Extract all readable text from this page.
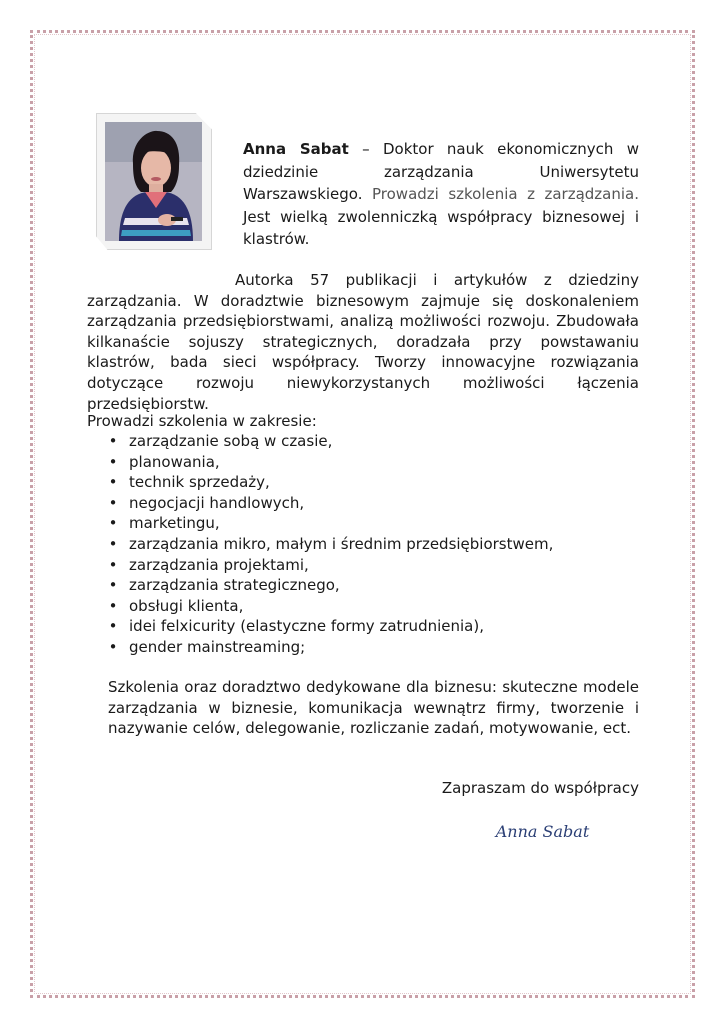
Anna Sabat – Doktor nauk ekonomicznych w dziedzinie zarządzania Uniwersytetu Warszawskiego. Prowadzi szkolenia z zarządzania. Jest wielką zwolenniczką współpracy biznesowej i klastrów.
Autorka 57 publikacji i artykułów z dziedziny zarządzania. W doradztwie biznesowym zajmuje się doskonaleniem zarządzania przedsiębiorstwami, analizą możliwości rozwoju. Zbudowała kilkanaście sojuszy strategicznych, doradzała przy powstawaniu klastrów, bada sieci współpracy. Tworzy innowacyjne rozwiązania dotyczące rozwoju niewykorzystanych możliwości łączenia przedsiębiorstw.
Prowadzi szkolenia w zakresie:
• zarządzanie sobą w czasie,
• planowania,
• technik sprzedaży,
• negocjacji handlowych,
• marketingu,
• zarządzania mikro, małym i średnim przedsiębiorstwem,
• zarządzania projektami,
• zarządzania strategicznego,
• obsługi klienta,
• idei felxicurity (elastyczne formy zatrudnienia),
• gender mainstreaming;
Szkolenia oraz doradztwo dedykowane dla biznesu: skuteczne modele zarządzania w biznesie, komunikacja wewnątrz firmy, tworzenie i nazywanie celów, delegowanie, rozliczanie zadań, motywowanie, ect.
Zapraszam do współpracy
Anna Sabat
